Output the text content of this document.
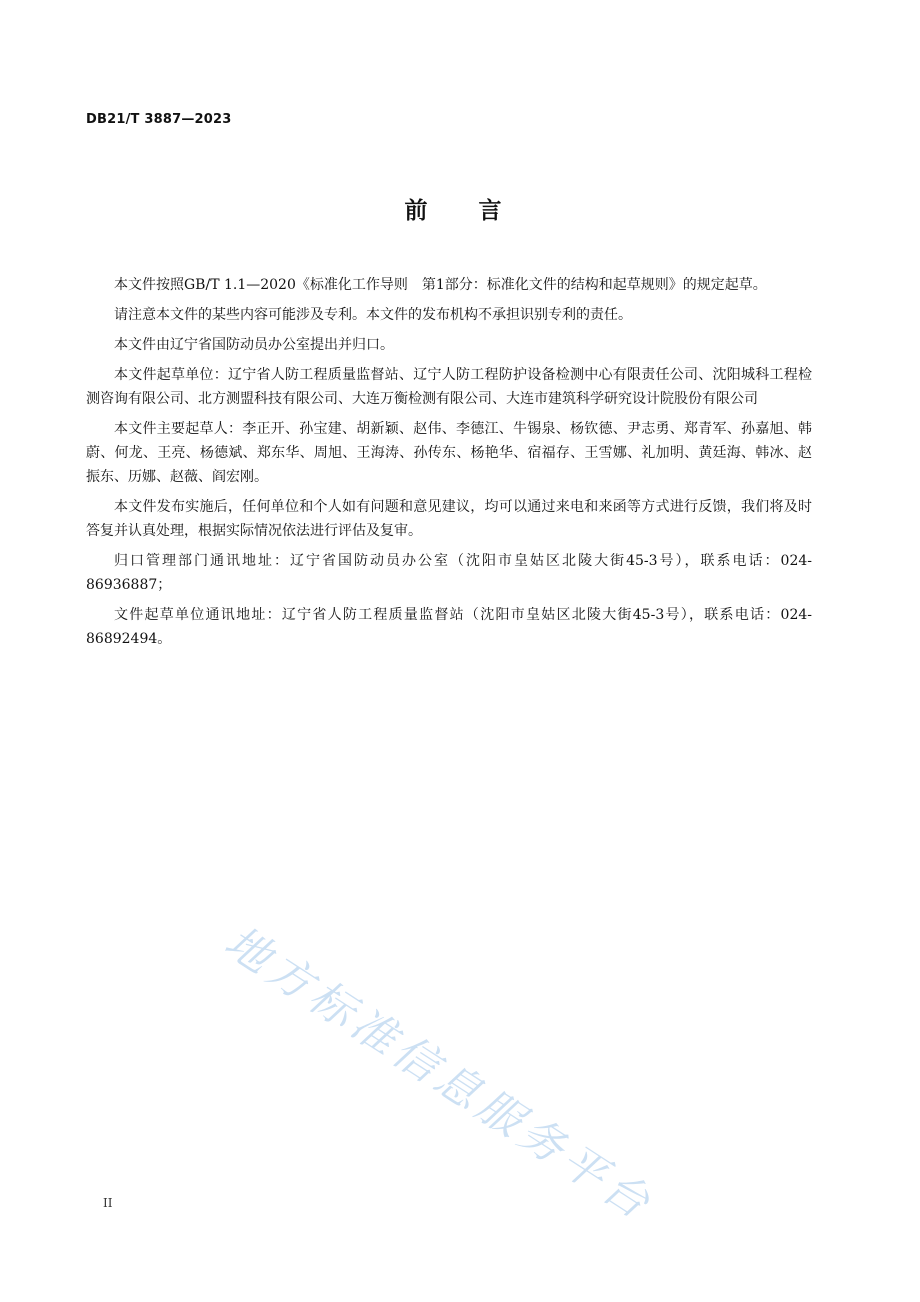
DB21/T 3887—2023
前　言

本文件按照GB/T 1.1—2020《标准化工作导则　第1部分：标准化文件的结构和起草规则》的规定起草。

请注意本文件的某些内容可能涉及专利。本文件的发布机构不承担识别专利的责任。

本文件由辽宁省国防动员办公室提出并归口。

本文件起草单位：辽宁省人防工程质量监督站、辽宁人防工程防护设备检测中心有限责任公司、沈阳城科工程检测咨询有限公司、北方测盟科技有限公司、大连万衡检测有限公司、大连市建筑科学研究设计院股份有限公司

本文件主要起草人：李正开、孙宝建、胡新颖、赵伟、李德江、牛锡泉、杨钦德、尹志勇、郑青军、孙嘉旭、韩蔚、何龙、王亮、杨德斌、郑东华、周旭、王海涛、孙传东、杨艳华、宿福存、王雪娜、礼加明、黄廷海、韩冰、赵振东、历娜、赵薇、阎宏刚。

本文件发布实施后，任何单位和个人如有问题和意见建议，均可以通过来电和来函等方式进行反馈，我们将及时答复并认真处理，根据实际情况依法进行评估及复审。

归口管理部门通讯地址：辽宁省国防动员办公室（沈阳市皇姑区北陵大街45-3号），联系电话：024-86936887；

文件起草单位通讯地址：辽宁省人防工程质量监督站（沈阳市皇姑区北陵大街45-3号），联系电话：024-86892494。

地方标准信息服务平台
II
